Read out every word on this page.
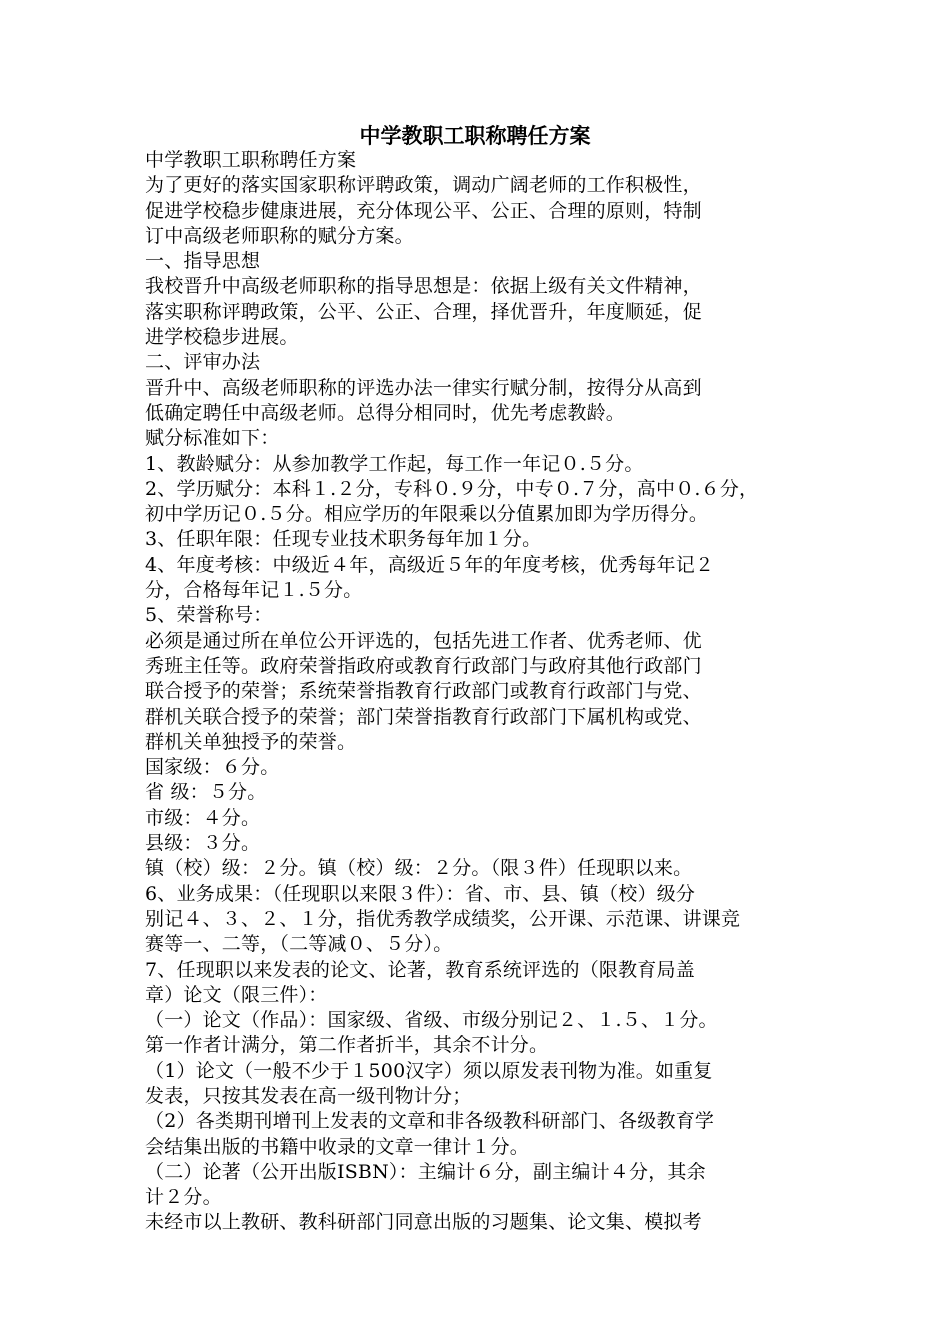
中学教职工职称聘任方案
中学教职工职称聘任方案
为了更好的落实国家职称评聘政策，调动广阔老师的工作积极性，
促进学校稳步健康进展，充分体现公平、公正、合理的原则，特制
订中高级老师职称的赋分方案。
一、指导思想
我校晋升中高级老师职称的指导思想是：依据上级有关文件精神，
落实职称评聘政策，公平、公正、合理，择优晋升，年度顺延，促
进学校稳步进展。
二、评审办法
晋升中、高级老师职称的评选办法一律实行赋分制，按得分从高到
低确定聘任中高级老师。总得分相同时，优先考虑教龄。
赋分标准如下：
1、教龄赋分：从参加教学工作起，每工作一年记０.５分。
2、学历赋分：本科１.２分，专科０.９分，中专０.７分，高中０.６分，
初中学历记０.５分。相应学历的年限乘以分值累加即为学历得分。
3、任职年限：任现专业技术职务每年加１分。
4、年度考核：中级近４年，高级近５年的年度考核，优秀每年记２
分，合格每年记１.５分。
5、荣誉称号：
必须是通过所在单位公开评选的，包括先进工作者、优秀老师、优
秀班主任等。政府荣誉指政府或教育行政部门与政府其他行政部门
联合授予的荣誉；系统荣誉指教育行政部门或教育行政部门与党、
群机关联合授予的荣誉；部门荣誉指教育行政部门下属机构或党、
群机关单独授予的荣誉。
国家级：６分。
省 级：５分。
市级：４分。
县级：３分。
镇（校）级：２分。镇（校）级：２分。（限３件）任现职以来。
6、业务成果：（任现职以来限３件）：省、市、县、镇（校）级分
别记４、３、２、１分，指优秀教学成绩奖，公开课、示范课、讲课竞
赛等一、二等，（二等减０、５分）。
7、任现职以来发表的论文、论著，教育系统评选的（限教育局盖
章）论文（限三件）：
（一）论文（作品）：国家级、省级、市级分别记２、１.５、１分。
第一作者计满分，第二作者折半，其余不计分。
（1）论文（一般不少于１500汉字）须以原发表刊物为准。如重复
发表，只按其发表在高一级刊物计分；
（2）各类期刊增刊上发表的文章和非各级教科研部门、各级教育学
会结集出版的书籍中收录的文章一律计１分。
（二）论著（公开出版ISBN）：主编计６分，副主编计４分，其余
计２分。
未经市以上教研、教科研部门同意出版的习题集、论文集、模拟考
